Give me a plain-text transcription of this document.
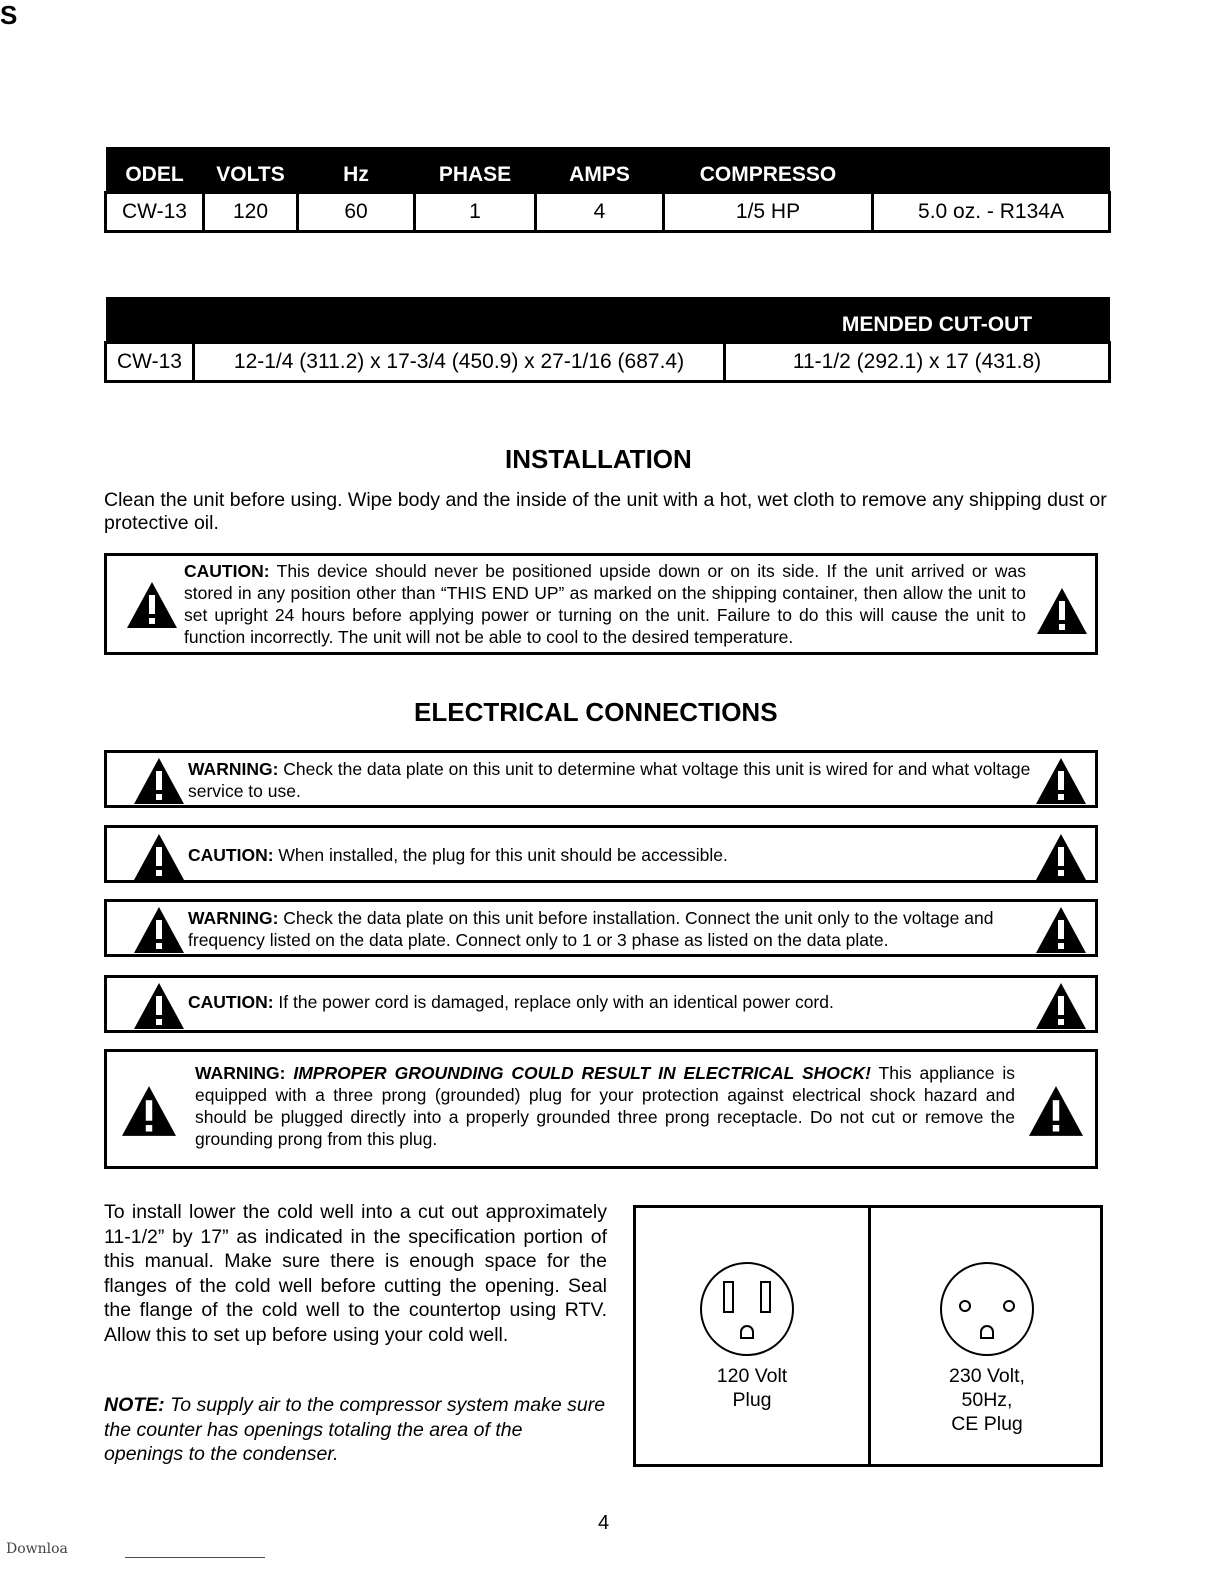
S
ODEL	VOLTS	Hz	PHASE	AMPS	COMPRESSO	
CW-13	120	60	1	4	1/5 HP	5.0 oz. - R134A
		MENDED CUT-OUT
CW-13	12-1/4 (311.2) x 17-3/4 (450.9) x 27-1/16 (687.4)	11-1/2 (292.1) x 17 (431.8)
INSTALLATION
Clean the unit before using. Wipe body and the inside of the unit with a hot, wet cloth to remove any shipping dust or protective oil.
CAUTION: This device should never be positioned upside down or on its side. If the unit arrived or was stored in any position other than “THIS END UP” as marked on the shipping container, then allow the unit to set upright 24 hours before applying power or turning on the unit. Failure to do this will cause the unit to function incorrectly. The unit will not be able to cool to the desired temperature.
ELECTRICAL CONNECTIONS
WARNING: Check the data plate on this unit to determine what voltage this unit is wired for and what voltage service to use.
CAUTION: When installed, the plug for this unit should be accessible.
WARNING: Check the data plate on this unit before installation. Connect the unit only to the voltage and frequency listed on the data plate. Connect only to 1 or 3 phase as listed on the data plate.
CAUTION: If the power cord is damaged, replace only with an identical power cord.
WARNING: IMPROPER GROUNDING COULD RESULT IN ELECTRICAL SHOCK! This appliance is equipped with a three prong (grounded) plug for your protection against electrical shock hazard and should be plugged directly into a properly grounded three prong receptacle. Do not cut or remove the grounding prong from this plug.
To install lower the cold well into a cut out approximately 11-1/2” by 17” as indicated in the specification portion of this manual. Make sure there is enough space for the flanges of the cold well before cutting the opening. Seal the flange of the cold well to the countertop using RTV. Allow this to set up before using your cold well.
NOTE: To supply air to the compressor system make sure the counter has openings totaling the area of the openings to the condenser.
120 Volt
Plug
230 Volt,
50Hz,
CE Plug
4
Downloa
